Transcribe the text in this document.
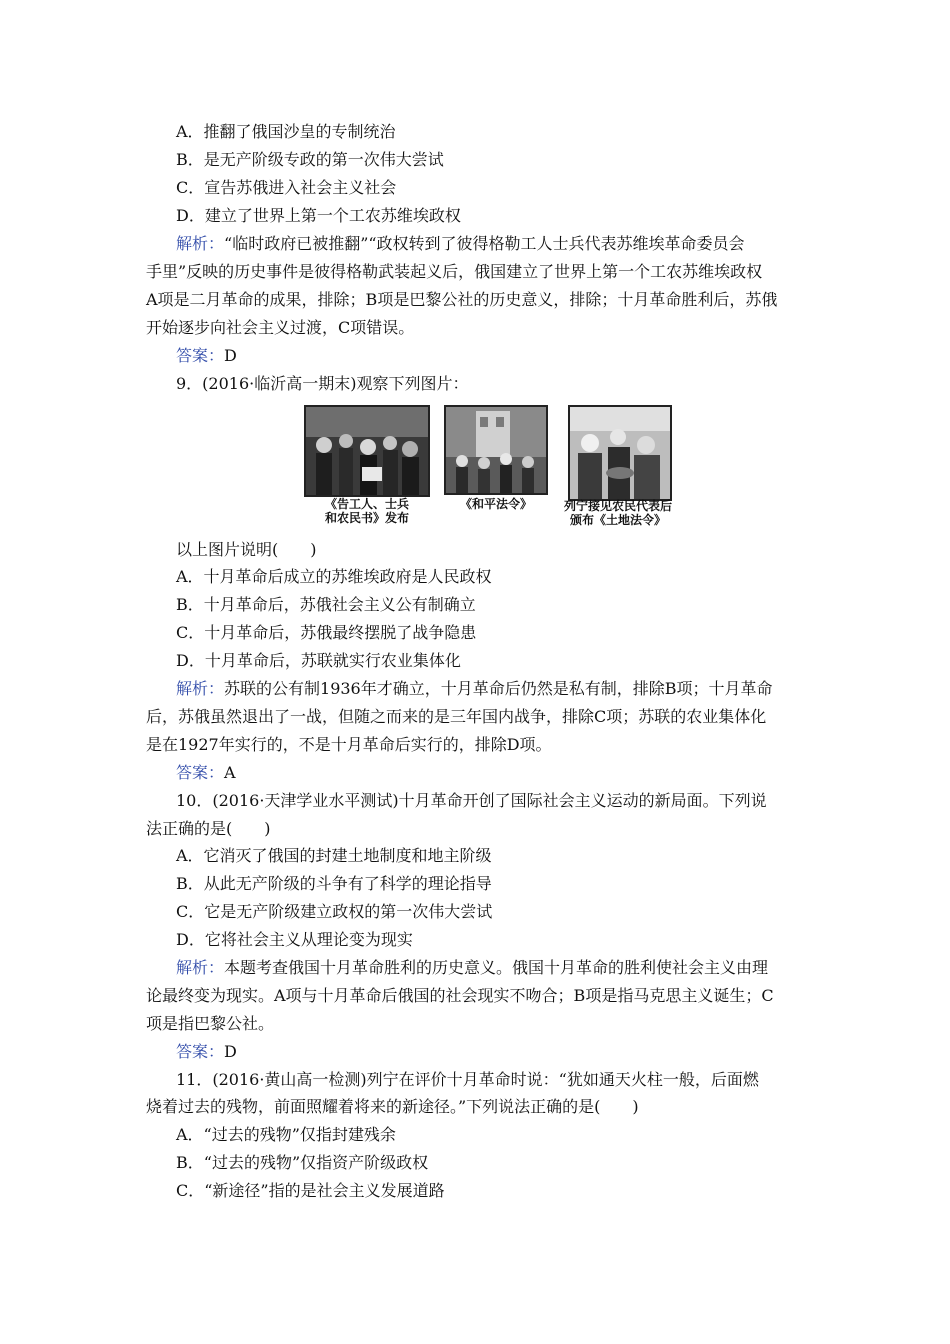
A．推翻了俄国沙皇的专制统治
B．是无产阶级专政的第一次伟大尝试
C．宣告苏俄进入社会主义社会
D．建立了世界上第一个工农苏维埃政权
解析：“临时政府已被推翻”“政权转到了彼得格勒工人士兵代表苏维埃革命委员会
手里”反映的历史事件是彼得格勒武装起义后，俄国建立了世界上第一个工农苏维埃政权
A项是二月革命的成果，排除；B项是巴黎公社的历史意义，排除；十月革命胜利后，苏俄
开始逐步向社会主义过渡，C项错误。
答案：D
9．(2016·临沂高一期末)观察下列图片：
《告工人、士兵
和农民书》发布
《和平法令》	列宁接见农民代表后
颁布《土地法令》
以上图片说明(　　)
A．十月革命后成立的苏维埃政府是人民政权
B．十月革命后，苏俄社会主义公有制确立
C．十月革命后，苏俄最终摆脱了战争隐患
D．十月革命后，苏联就实行农业集体化
解析：苏联的公有制1936年才确立，十月革命后仍然是私有制，排除B项；十月革命
后，苏俄虽然退出了一战，但随之而来的是三年国内战争，排除C项；苏联的农业集体化
是在1927年实行的，不是十月革命后实行的，排除D项。
答案：A
10．(2016·天津学业水平测试)十月革命开创了国际社会主义运动的新局面。下列说
法正确的是(　　)
A．它消灭了俄国的封建土地制度和地主阶级
B．从此无产阶级的斗争有了科学的理论指导
C．它是无产阶级建立政权的第一次伟大尝试
D．它将社会主义从理论变为现实
解析：本题考查俄国十月革命胜利的历史意义。俄国十月革命的胜利使社会主义由理
论最终变为现实。A项与十月革命后俄国的社会现实不吻合；B项是指马克思主义诞生；C
项是指巴黎公社。
答案：D
11．(2016·黄山高一检测)列宁在评价十月革命时说：“犹如通天火柱一般，后面燃
烧着过去的残物，前面照耀着将来的新途径。”下列说法正确的是(　　)
A．“过去的残物”仅指封建残余
B．“过去的残物”仅指资产阶级政权
C．“新途径”指的是社会主义发展道路
